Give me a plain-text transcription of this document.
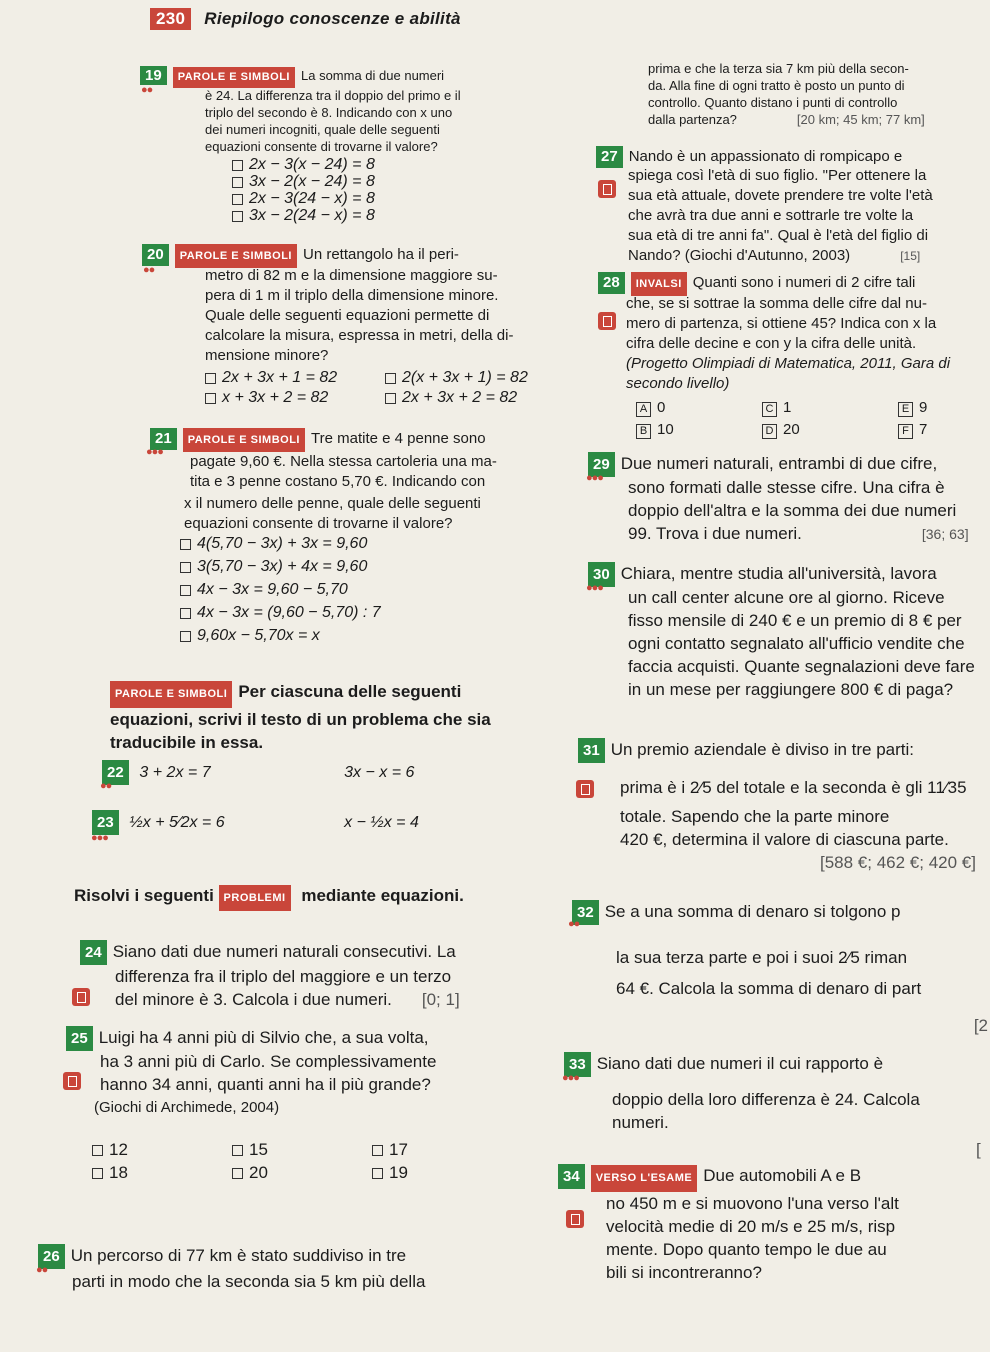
230 Riepilogo conoscenze e abilità
19 PAROLE E SIMBOLI La somma di due numeri
●●	è 24. La differenza tra il doppio del primo e il
triplo del secondo è 8. Indicando con x uno
dei numeri incogniti, quale delle seguenti
equazioni consente di trovarne il valore?
2x − 3(x − 24) = 8
3x − 2(x − 24) = 8
2x − 3(24 − x) = 8
3x − 2(24 − x) = 8
20 PAROLE E SIMBOLI Un rettangolo ha il peri-
●●	metro di 82 m e la dimensione maggiore su-
pera di 1 m il triplo della dimensione minore.
Quale delle seguenti equazioni permette di
calcolare la misura, espressa in metri, della di-
mensione minore?
2x + 3x + 1 = 82	2(x + 3x + 1) = 82
x + 3x + 2 = 82	2x + 3x + 2 = 82
21 PAROLE E SIMBOLI Tre matite e 4 penne sono
●●●
pagate 9,60 €. Nella stessa cartoleria una ma-
tita e 3 penne costano 5,70 €. Indicando con
x il numero delle penne, quale delle seguenti
equazioni consente di trovarne il valore?
4(5,70 − 3x) + 3x = 9,60
3(5,70 − 3x) + 4x = 9,60
4x − 3x = 9,60 − 5,70
4x − 3x = (9,60 − 5,70) : 7
9,60x − 5,70x = x
PAROLE E SIMBOLI Per ciascuna delle seguenti
equazioni, scrivi il testo di un problema che sia
traducibile in essa.
22 3 + 2x = 7	3x − x = 6
●●
23 ½x + 5⁄2x = 6	x − ½x = 4
●●●
Risolvi i seguenti PROBLEMI mediante equazioni.
24 Siano dati due numeri naturali consecutivi. La
differenza fra il triplo del maggiore e un terzo
del minore è 3. Calcola i due numeri. [0; 1]
25 Luigi ha 4 anni più di Silvio che, a sua volta,
ha 3 anni più di Carlo. Se complessivamente
hanno 34 anni, quanti anni ha il più grande?
(Giochi di Archimede, 2004)
12	15	17
18	20	19
26 Un percorso di 77 km è stato suddiviso in tre
●●
parti in modo che la seconda sia 5 km più della
prima e che la terza sia 7 km più della secon-
da. Alla fine di ogni tratto è posto un punto di
controllo. Quanto distano i punti di controllo
dalla partenza?	[20 km; 45 km; 77 km]
27 Nando è un appassionato di rompicapo e
spiega così l'età di suo figlio. "Per ottenere la
sua età attuale, dovete prendere tre volte l'età
che avrà tra due anni e sottrarle tre volte la
sua età di tre anni fa". Qual è l'età del figlio di
Nando? (Giochi d'Autunno, 2003)	[15]
28 INVALSI Quanti sono i numeri di 2 cifre tali
che, se si sottrae la somma delle cifre dal nu-
mero di partenza, si ottiene 45? Indica con x la
cifra delle decine e con y la cifra delle unità.
(Progetto Olimpiadi di Matematica, 2011, Gara di
secondo livello)
A 0	C 1	E 9
B 10	D 20	F 7
29 Due numeri naturali, entrambi di due cifre,
●●● sono formati dalle stesse cifre. Una cifra è
doppio dell'altra e la somma dei due numeri
99. Trova i due numeri.	[36; 63]
30 Chiara, mentre studia all'università, lavora
●●● un call center alcune ore al giorno. Riceve
fisso mensile di 240 € e un premio di 8 € per
ogni contatto segnalato all'ufficio vendite che
faccia acquisti. Quante segnalazioni deve fare
in un mese per raggiungere 800 € di paga?
31 Un premio aziendale è diviso in tre parti:
prima è i 2⁄5 del totale e la seconda è gli 11⁄35
totale. Sapendo che la parte minore
420 €, determina il valore di ciascuna parte.
[588 €; 462 €; 420 €]
32 Se a una somma di denaro si tolgono p
●●
la sua terza parte e poi i suoi 2⁄5 riman
64 €. Calcola la somma di denaro di part
[2
33 Siano dati due numeri il cui rapporto è
●●●
doppio della loro differenza è 24. Calcola
numeri.
[
34 VERSO L'ESAME Due automobili A e B
no 450 m e si muovono l'una verso l'alt
velocità medie di 20 m/s e 25 m/s, risp
mente. Dopo quanto tempo le due au
bili si incontreranno?
